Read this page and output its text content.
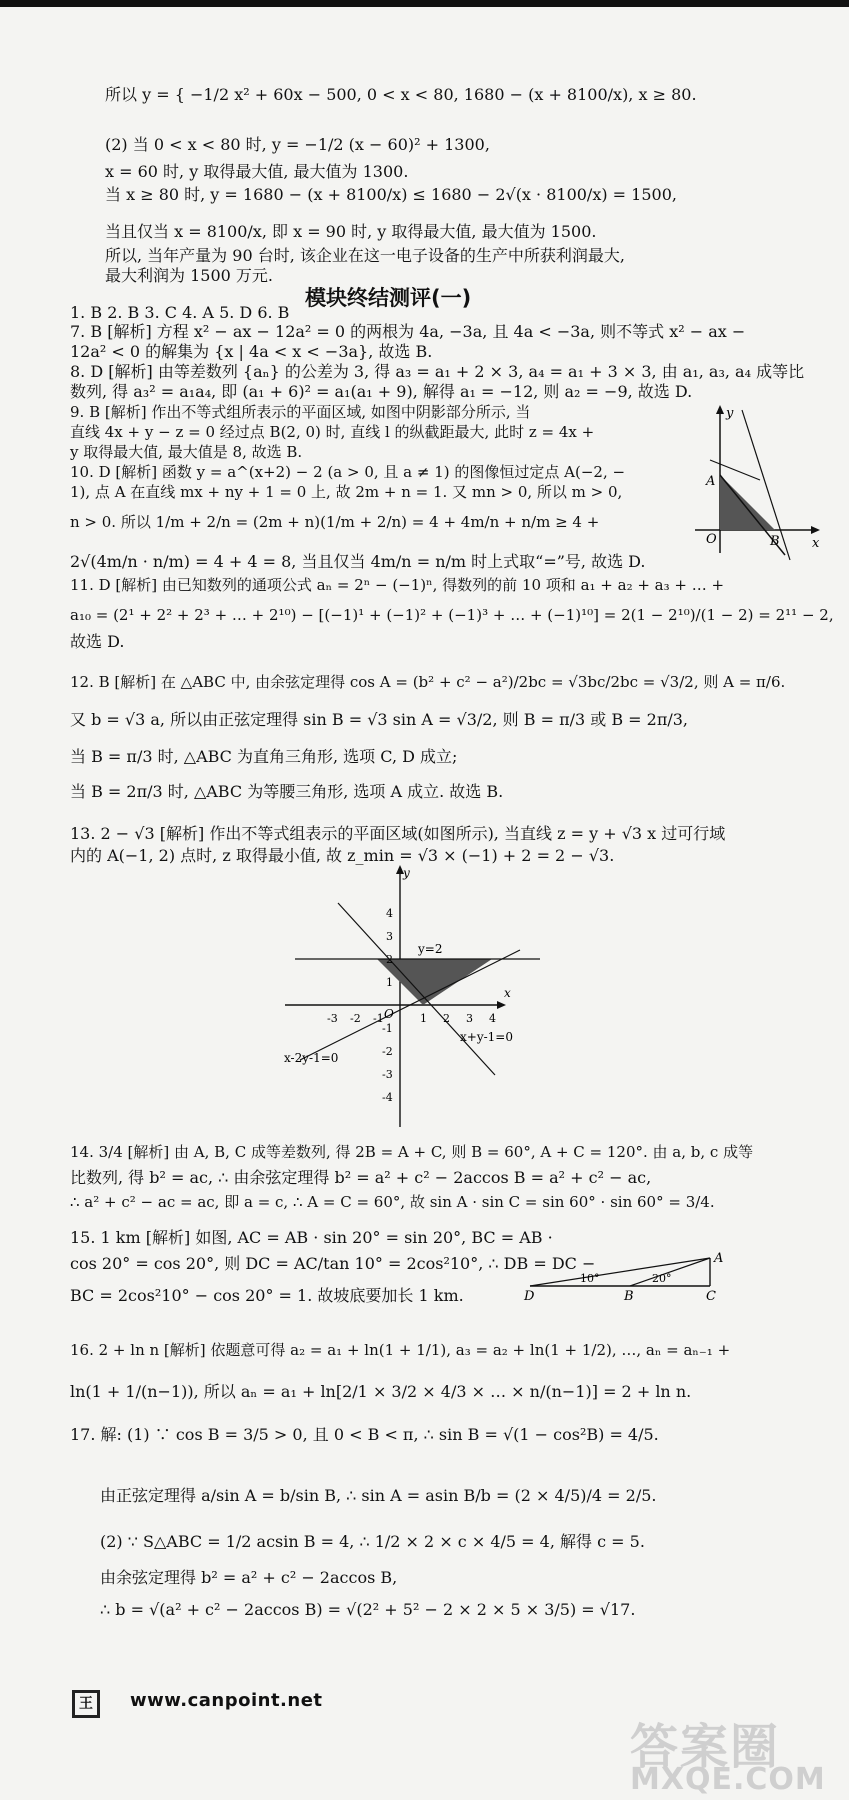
所以 y = { −1/2 x² + 60x − 500, 0 < x < 80, 1680 − (x + 8100/x), x ≥ 80.
(2) 当 0 < x < 80 时, y = −1/2 (x − 60)² + 1300,
x = 60 时, y 取得最大值, 最大值为 1300.
当 x ≥ 80 时, y = 1680 − (x + 8100/x) ≤ 1680 − 2√(x · 8100/x) = 1500,
当且仅当 x = 8100/x, 即 x = 90 时, y 取得最大值, 最大值为 1500.
所以, 当年产量为 90 台时, 该企业在这一电子设备的生产中所获利润最大,
最大利润为 1500 万元.
模块终结测评(一)
1. B 2. B 3. C 4. A 5. D 6. B
7. B [解析] 方程 x² − ax − 12a² = 0 的两根为 4a, −3a, 且 4a < −3a, 则不等式 x² − ax −
12a² < 0 的解集为 {x | 4a < x < −3a}, 故选 B.
8. D [解析] 由等差数列 {aₙ} 的公差为 3, 得 a₃ = a₁ + 2 × 3, a₄ = a₁ + 3 × 3, 由 a₁, a₃, a₄ 成等比
数列, 得 a₃² = a₁a₄, 即 (a₁ + 6)² = a₁(a₁ + 9), 解得 a₁ = −12, 则 a₂ = −9, 故选 D.
9. B [解析] 作出不等式组所表示的平面区域, 如图中阴影部分所示, 当
直线 4x + y − z = 0 经过点 B(2, 0) 时, 直线 l 的纵截距最大, 此时 z = 4x +
y 取得最大值, 最大值是 8, 故选 B.
10. D [解析] 函数 y = a^(x+2) − 2 (a > 0, 且 a ≠ 1) 的图像恒过定点 A(−2, −
1), 点 A 在直线 mx + ny + 1 = 0 上, 故 2m + n = 1. 又 mn > 0, 所以 m > 0,
n > 0. 所以 1/m + 2/n = (2m + n)(1/m + 2/n) = 4 + 4m/n + n/m ≥ 4 +
2√(4m/n · n/m) = 4 + 4 = 8, 当且仅当 4m/n = n/m 时上式取“=”号, 故选 D.
11. D [解析] 由已知数列的通项公式 aₙ = 2ⁿ − (−1)ⁿ, 得数列的前 10 项和 a₁ + a₂ + a₃ + … +
a₁₀ = (2¹ + 2² + 2³ + … + 2¹⁰) − [(−1)¹ + (−1)² + (−1)³ + … + (−1)¹⁰] = 2(1 − 2¹⁰)/(1 − 2) = 2¹¹ − 2,
故选 D.
12. B [解析] 在 △ABC 中, 由余弦定理得 cos A = (b² + c² − a²)/2bc = √3bc/2bc = √3/2, 则 A = π/6.
又 b = √3 a, 所以由正弦定理得 sin B = √3 sin A = √3/2, 则 B = π/3 或 B = 2π/3,
当 B = π/3 时, △ABC 为直角三角形, 选项 C, D 成立;
当 B = 2π/3 时, △ABC 为等腰三角形, 选项 A 成立. 故选 B.
13. 2 − √3 [解析] 作出不等式组表示的平面区域(如图所示), 当直线 z = y + √3 x 过可行域
内的 A(−1, 2) 点时, z 取得最小值, 故 z_min = √3 × (−1) + 2 = 2 − √3.
14. 3/4 [解析] 由 A, B, C 成等差数列, 得 2B = A + C, 则 B = 60°, A + C = 120°. 由 a, b, c 成等
比数列, 得 b² = ac, ∴ 由余弦定理得 b² = a² + c² − 2accos B = a² + c² − ac,
∴ a² + c² − ac = ac, 即 a = c, ∴ A = C = 60°, 故 sin A · sin C = sin 60° · sin 60° = 3/4.
15. 1 km [解析] 如图, AC = AB · sin 20° = sin 20°, BC = AB ·
cos 20° = cos 20°, 则 DC = AC/tan 10° = 2cos²10°, ∴ DB = DC −
BC = 2cos²10° − cos 20° = 1. 故坡底要加长 1 km.
16. 2 + ln n [解析] 依题意可得 a₂ = a₁ + ln(1 + 1/1), a₃ = a₂ + ln(1 + 1/2), …, aₙ = aₙ₋₁ +
ln(1 + 1/(n−1)), 所以 aₙ = a₁ + ln[2/1 × 3/2 × 4/3 × … × n/(n−1)] = 2 + ln n.
17. 解: (1) ∵ cos B = 3/5 > 0, 且 0 < B < π, ∴ sin B = √(1 − cos²B) = 4/5.
由正弦定理得 a/sin A = b/sin B, ∴ sin A = asin B/b = (2 × 4/5)/4 = 2/5.
(2) ∵ S△ABC = 1/2 acsin B = 4, ∴ 1/2 × 2 × c × 4/5 = 4, 解得 c = 5.
由余弦定理得 b² = a² + c² − 2accos B,
∴ b = √(a² + c² − 2accos B) = √(2² + 5² − 2 × 2 × 5 × 3/5) = √17.
y
x
A
O	B
y
x
O
y=2
x+y-1=0
x-2y-1=0
-3 -2 -1	1 2 3 4
4
3
2
1
-1
-2
-3
-4
D	B	C
A
10°	20°
王	www.canpoint.net
答案圈
MXQE.COM
